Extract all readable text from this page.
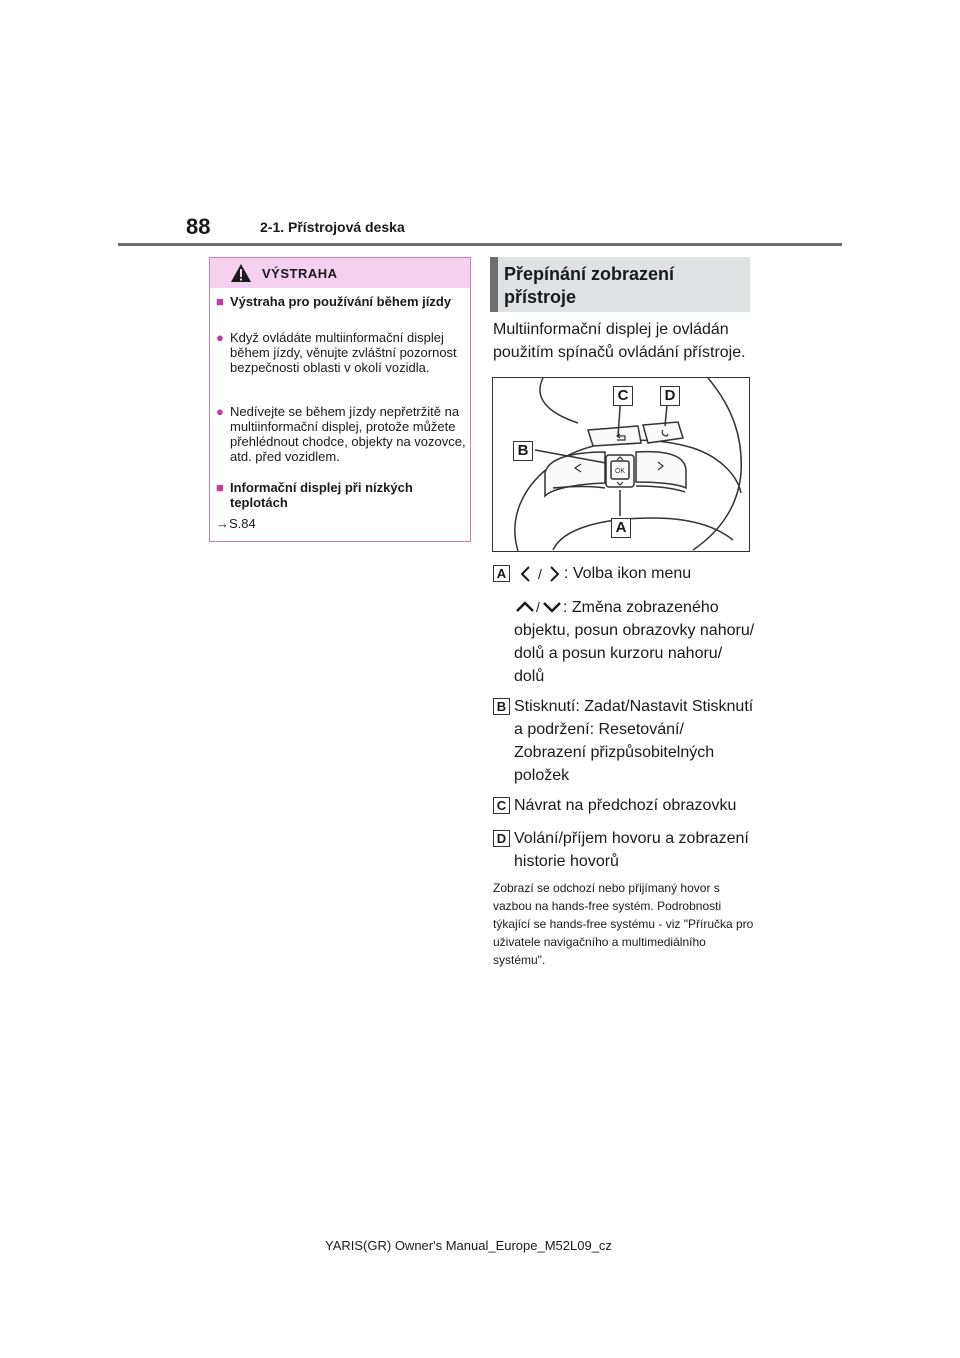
88	2-1. Přístrojová deska
VÝSTRAHA
■ Výstraha pro používání během jízdy
● Když ovládáte multiinformační displej během jízdy, věnujte zvláštní pozornost bezpečnosti oblasti v okolí vozidla.
● Nedívejte se během jízdy nepřetržitě na multiinformační displej, protože můžete přehlédnout chodce, objekty na vozovce, atd. před vozidlem.
■ Informační displej při nízkých teplotách
→S.84
Přepínání zobrazení přístroje
Multiinformační displej je ovládán použitím spínačů ovládání přístroje.
OK
C	D
B
A
A / : Volba ikon menu
/	: Změna zobrazeného objektu, posun obrazovky nahoru/ dolů a posun kurzoru nahoru/ dolů
B Stisknutí: Zadat/Nastavit Stisknutí a podržení: Resetování/ Zobrazení přizpůsobitelných položek
C Návrat na předchozí obrazovku
D Volání/příjem hovoru a zobrazení historie hovorů
Zobrazí se odchozí nebo přijímaný hovor s vazbou na hands-free systém. Podrobnosti týkající se hands-free systému - viz "Příručka pro uživatele navigačního a multimediálního systému".
YARIS(GR) Owner's Manual_Europe_M52L09_cz
